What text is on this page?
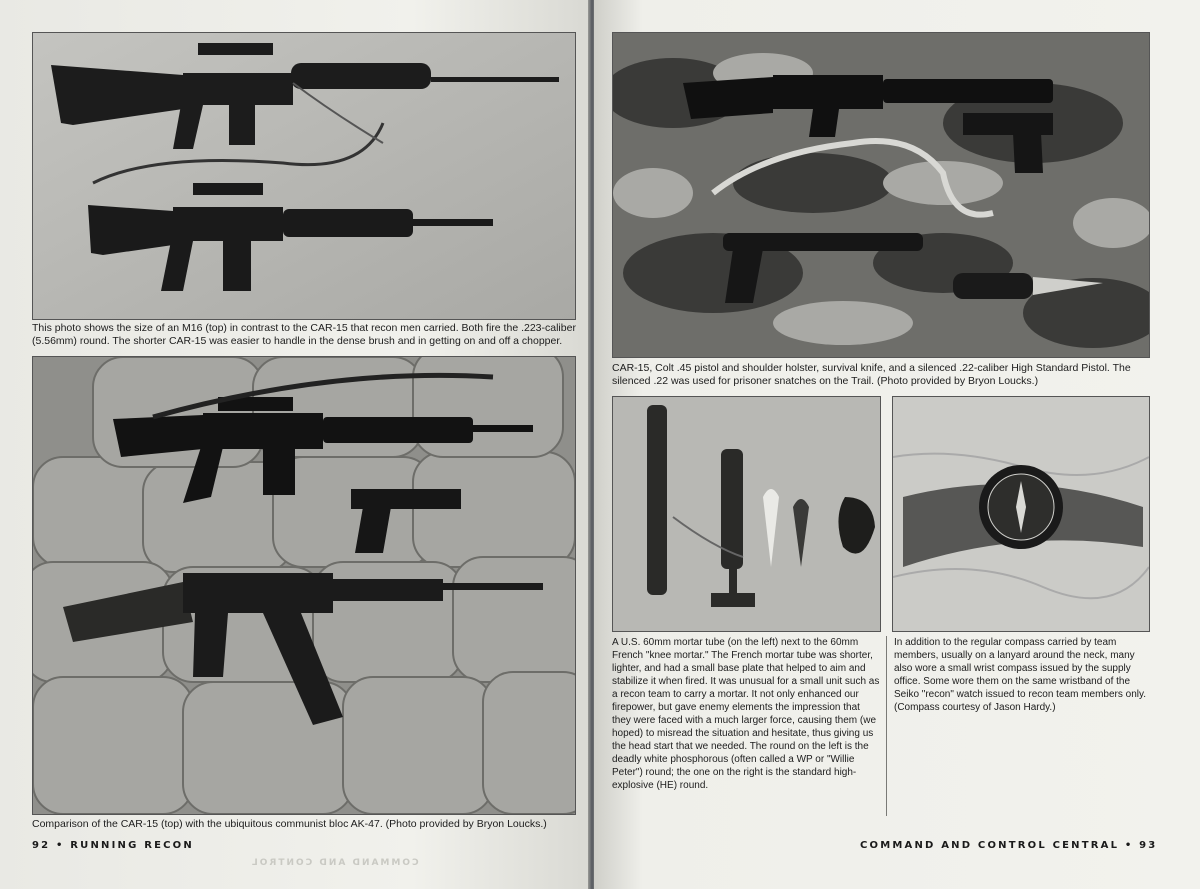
This photo shows the size of an M16 (top) in contrast to the CAR-15 that recon men carried. Both fire the .223-caliber (5.56mm) round. The shorter CAR-15 was easier to handle in the dense brush and in getting on and off a chopper.

Comparison of the CAR-15 (top) with the ubiquitous communist bloc AK-47. (Photo provided by Bryon Loucks.)

92 • RUNNING RECON
COMMAND AND CONTROL

CAR-15, Colt .45 pistol and shoulder holster, survival knife, and a silenced .22-caliber High Standard Pistol. The silenced .22 was used for prisoner snatches on the Trail. (Photo provided by Bryon Loucks.)

A U.S. 60mm mortar tube (on the left) next to the 60mm French "knee mortar." The French mortar tube was shorter, lighter, and had a small base plate that helped to aim and stabilize it when fired. It was unusual for a small unit such as a recon team to carry a mortar. It not only enhanced our firepower, but gave enemy elements the impression that they were faced with a much larger force, causing them (we hoped) to misread the situation and hesitate, thus giving us the head start that we needed. The round on the left is the deadly white phosphorous (often called a WP or "Willie Peter") round; the one on the right is the standard high-explosive (HE) round.

In addition to the regular compass carried by team members, usually on a lanyard around the neck, many also wore a small wrist compass issued by the supply office. Some wore them on the same wristband of the Seiko "recon" watch issued to recon team members only. (Compass courtesy of Jason Hardy.)

COMMAND AND CONTROL CENTRAL • 93
